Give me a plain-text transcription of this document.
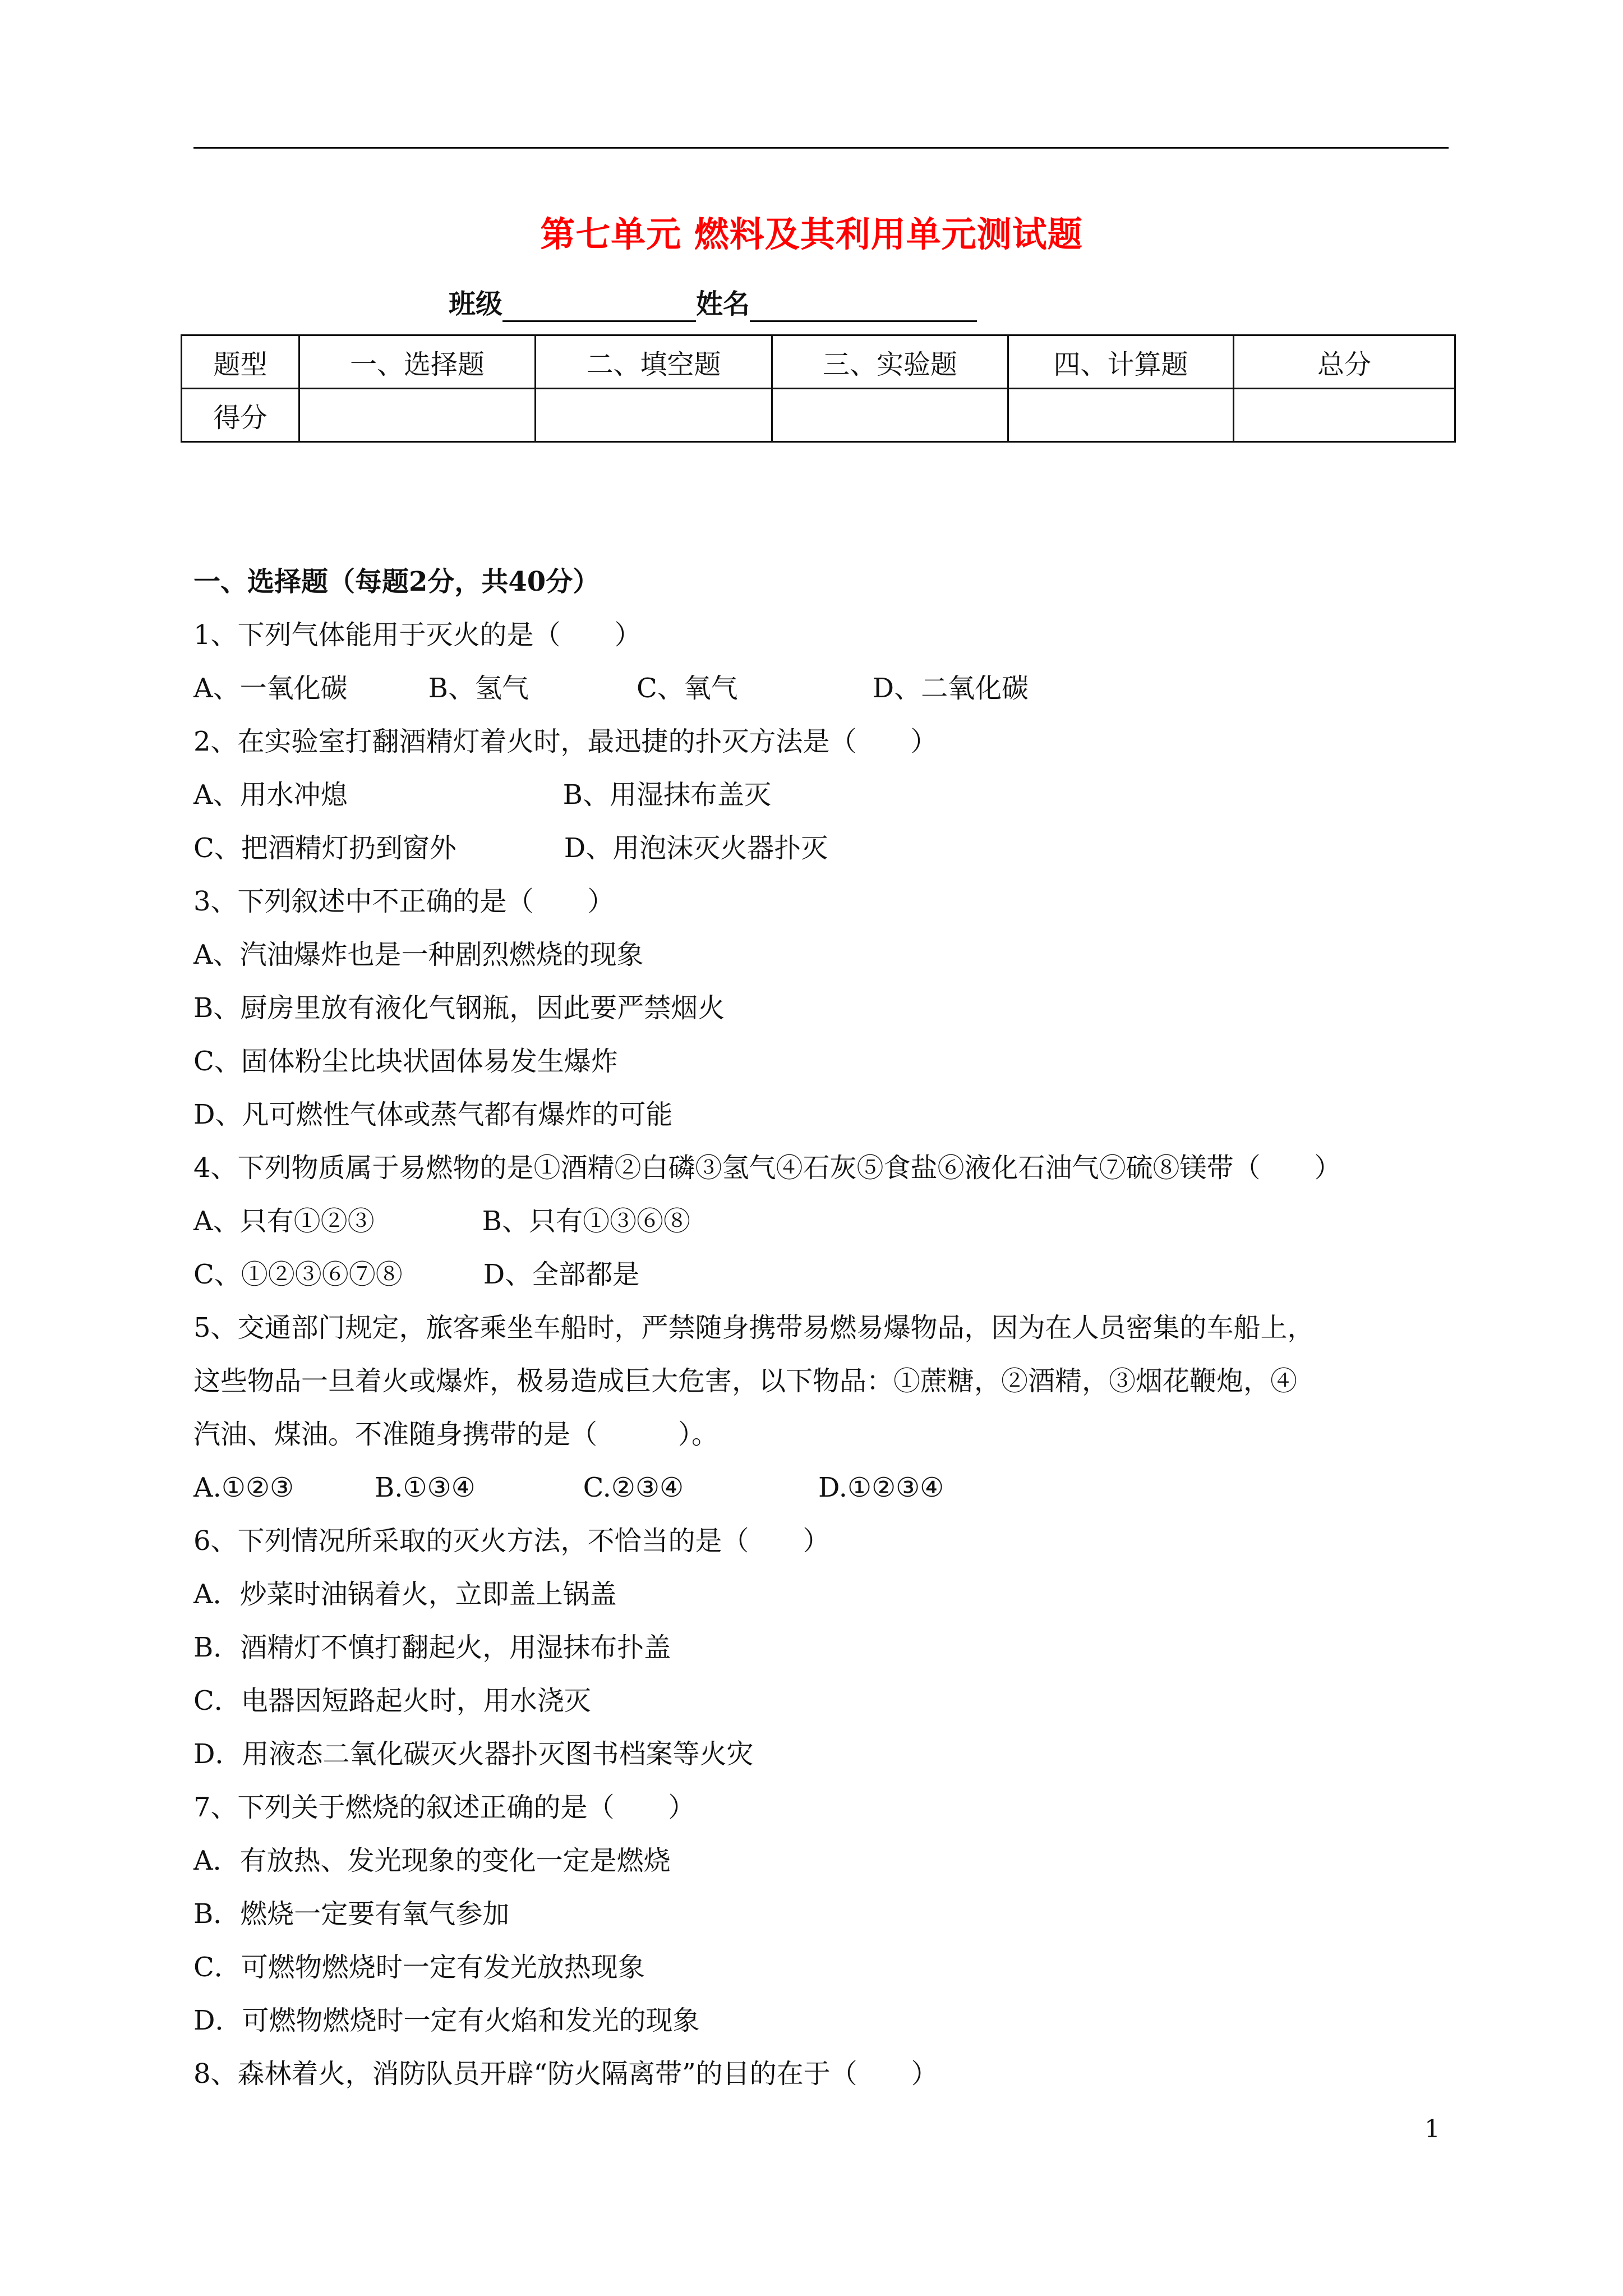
第七单元 燃料及其利用单元测试题
班级	姓名
题型	一、选择题	二、填空题	三、实验题	四、计算题	总分
得分					
一、选择题（每题2分，共40分）
1、下列气体能用于灭火的是（　　）
A、一氧化碳　　　B、氢气　　　　C、氧气　　　　　D、二氧化碳
2、在实验室打翻酒精灯着火时，最迅捷的扑灭方法是（　　）
A、用水冲熄　　　　　　　　B、用湿抹布盖灭
C、把酒精灯扔到窗外　　　　D、用泡沫灭火器扑灭
3、下列叙述中不正确的是（　　）
A、汽油爆炸也是一种剧烈燃烧的现象
B、厨房里放有液化气钢瓶，因此要严禁烟火
C、固体粉尘比块状固体易发生爆炸
D、凡可燃性气体或蒸气都有爆炸的可能
4、下列物质属于易燃物的是①酒精②白磷③氢气④石灰⑤食盐⑥液化石油气⑦硫⑧镁带（　　）
A、只有①②③　　　　B、只有①③⑥⑧
C、①②③⑥⑦⑧　　　D、全部都是
5、交通部门规定，旅客乘坐车船时，严禁随身携带易燃易爆物品，因为在人员密集的车船上，
这些物品一旦着火或爆炸，极易造成巨大危害，以下物品：①蔗糖，②酒精，③烟花鞭炮，④
汽油、煤油。不准随身携带的是（　　　）。
A.①②③　　　B.①③④　　　　C.②③④　　　　　D.①②③④
6、下列情况所采取的灭火方法，不恰当的是（　　）
A．炒菜时油锅着火，立即盖上锅盖
B．酒精灯不慎打翻起火，用湿抹布扑盖
C．电器因短路起火时，用水浇灭
D．用液态二氧化碳灭火器扑灭图书档案等火灾
7、下列关于燃烧的叙述正确的是（　　）
A．有放热、发光现象的变化一定是燃烧
B．燃烧一定要有氧气参加
C．可燃物燃烧时一定有发光放热现象
D．可燃物燃烧时一定有火焰和发光的现象
8、森林着火，消防队员开辟“防火隔离带”的目的在于（　　）
1
